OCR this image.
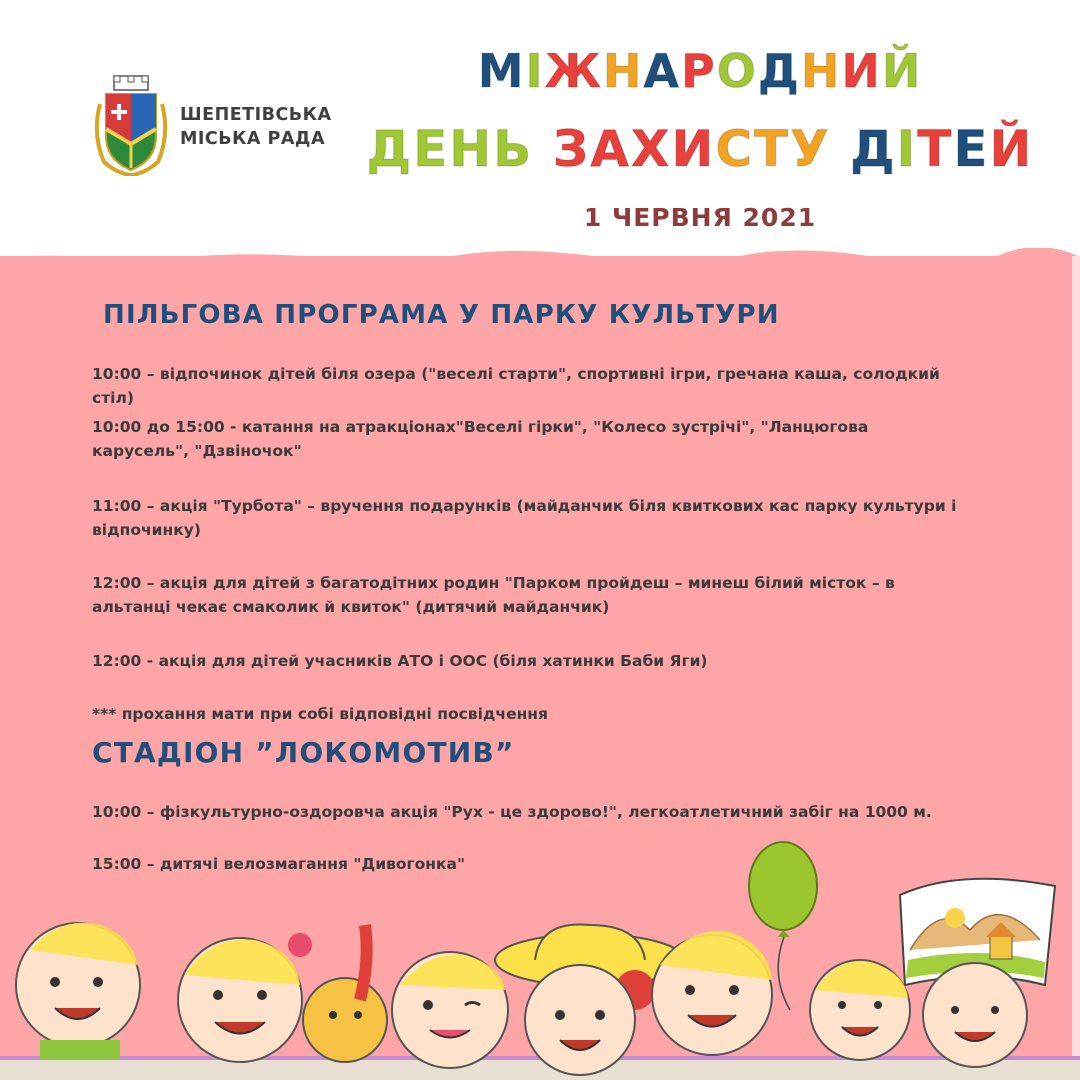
ШЕПЕТІВСЬКА
МІСЬКА РАДА
МІЖНАРОДНИЙ
ДЕНЬ ЗАХИСТУ ДІТЕЙ
1 ЧЕРВНЯ 2021
ПІЛЬГОВА ПРОГРАМА У ПАРКУ КУЛЬТУРИ
10:00 – відпочинок дітей біля озера ("веселі старти", спортивні ігри, гречана каша, солодкий стіл)
10:00 до 15:00 - катання на атракціонах"Веселі гірки", "Колесо зустрічі", "Ланцюгова карусель", "Дзвіночок"
11:00 – акція "Турбота" – вручення подарунків (майданчик біля квиткових кас парку культури і відпочинку)
12:00 – акція для дітей з багатодітних родин "Парком пройдеш – минеш білий місток – в альтанці чекає смаколик й квиток" (дитячий майданчик)
12:00 - акція для дітей учасників АТО і ООС (біля хатинки Баби Яги)
*** прохання мати при собі відповідні посвідчення
СТАДІОН ”ЛОКОМОТИВ”
10:00 – фізкультурно-оздоровча акція "Рух - це здорово!", легкоатлетичний забіг на 1000 м.
15:00 – дитячі велозмагання "Дивогонка"
